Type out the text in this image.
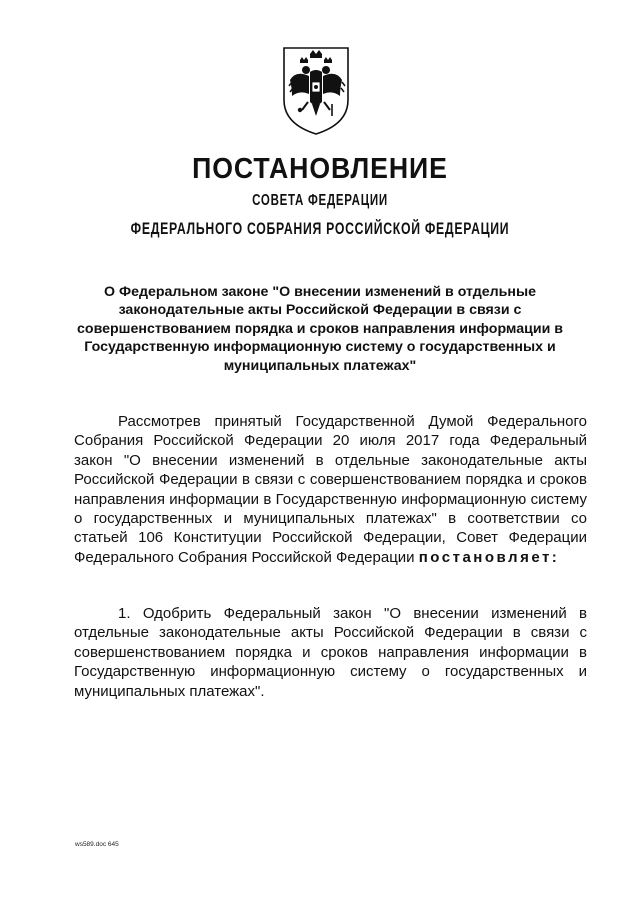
ПОСТАНОВЛЕНИЕ
СОВЕТА ФЕДЕРАЦИИ
ФЕДЕРАЛЬНОГО СОБРАНИЯ РОССИЙСКОЙ ФЕДЕРАЦИИ
О Федеральном законе "О внесении изменений в отдельные законодательные акты Российской Федерации в связи с совершенствованием порядка и сроков направления информации в Государственную информационную систему о государственных и муниципальных платежах"
Рассмотрев принятый Государственной Думой Федерального Собрания Российской Федерации 20 июля 2017 года Федеральный закон "О внесении изменений в отдельные законодательные акты Российской Федерации в связи с совершенствованием порядка и сроков направления информации в Государственную информационную систему о государственных и муниципальных платежах" в соответствии со статьей 106 Конституции Российской Федерации, Совет Федерации Федерального Собрания Российской Федерации постановляет:
1. Одобрить Федеральный закон "О внесении изменений в отдельные законодательные акты Российской Федерации в связи с совершенствованием порядка и сроков направления информации в Государственную информационную систему о государственных и муниципальных платежах".
ws589.doc 645
